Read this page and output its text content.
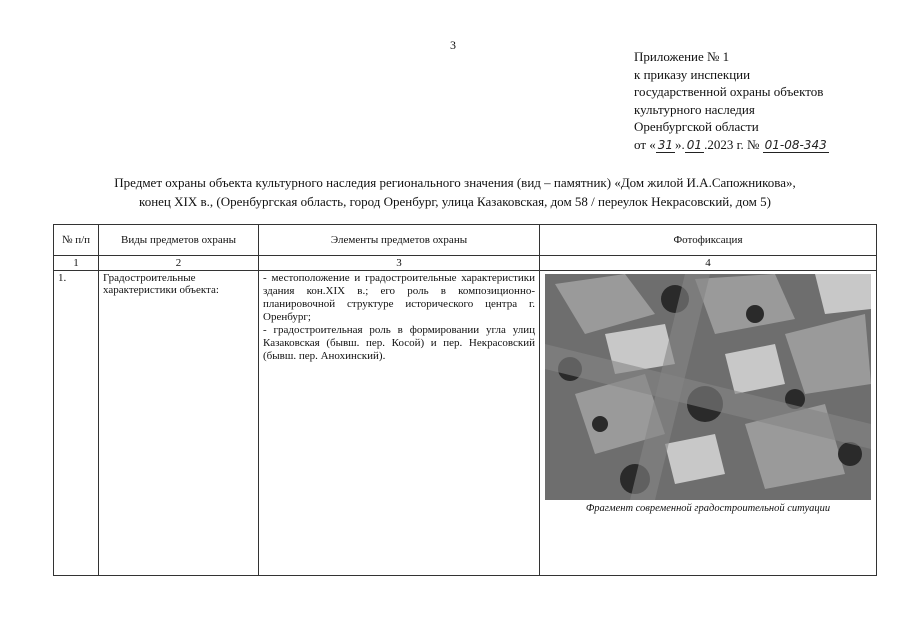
3
Приложение № 1
к приказу инспекции
государственной охраны объектов
культурного наследия
Оренбургской области
от « 31 ». 01 .2023 г. № 01-08-343
Предмет охраны объекта культурного наследия регионального значения (вид – памятник) «Дом жилой И.А.Сапожникова»,
конец XIX в., (Оренбургская область, город Оренбург, улица Казаковская, дом 58 / переулок Некрасовский, дом 5)
№ п/п	Виды предметов охраны	Элементы предметов охраны	Фотофиксация
1	2	3	4
1.	Градостроительные характеристики объекта:	- местоположение и градостроительные характеристики здания кон.XIX в.; его роль в композиционно-планировочной структуре исторического центра г. Оренбург;
- градостроительная роль в формировании угла улиц Казаковская (бывш. пер. Косой) и пер. Некрасовский (бывш. пер. Анохинский).	Фрагмент современной градостроительной ситуации
